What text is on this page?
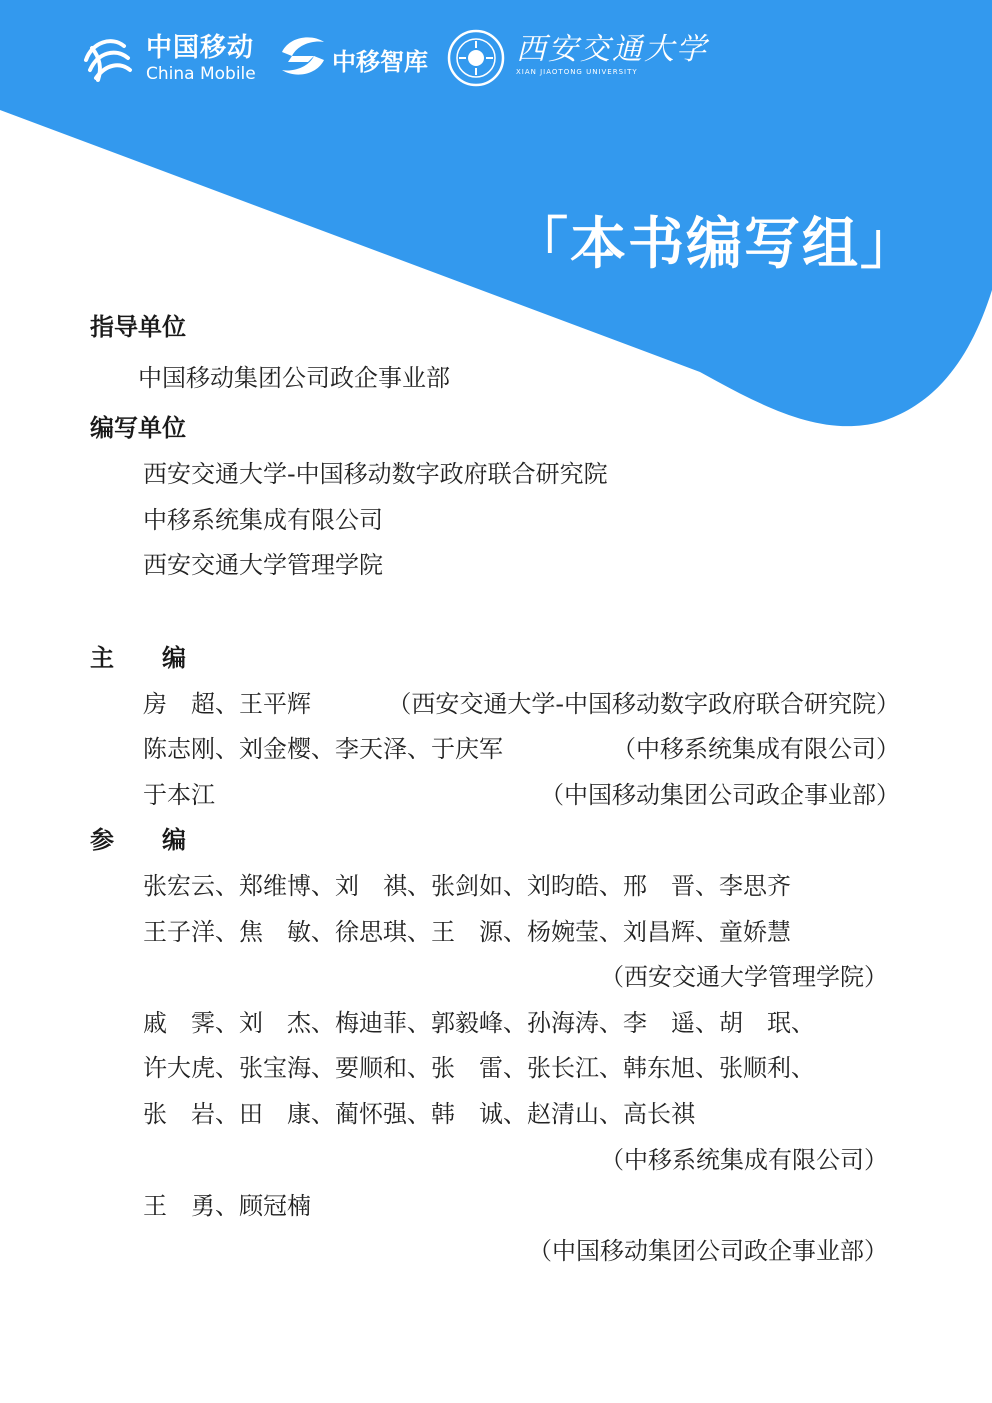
中国移动
China Mobile	中移智库	西安交通大学
XIAN JIAOTONG UNIVERSITY
「本书编写组」
指导单位
中国移动集团公司政企事业部
编写单位
西安交通大学-中国移动数字政府联合研究院
中移系统集成有限公司
西安交通大学管理学院
主　　编
房　超、王平辉	（西安交通大学-中国移动数字政府联合研究院）
陈志刚、刘金樱、李天泽、于庆军	（中移系统集成有限公司）
于本江	（中国移动集团公司政企事业部）
参　　编
张宏云、郑维博、刘　祺、张剑如、刘昀皓、邢　晋、李思齐
王子洋、焦　敏、徐思琪、王　源、杨婉莹、刘昌辉、童娇慧
（西安交通大学管理学院）
戚　霁、刘　杰、梅迪菲、郭毅峰、孙海涛、李　遥、胡　珉、
许大虎、张宝海、要顺和、张　雷、张长江、韩东旭、张顺利、
张　岩、田　康、蔺怀强、韩　诚、赵清山、高长祺
（中移系统集成有限公司）
王　勇、顾冠楠
（中国移动集团公司政企事业部）
